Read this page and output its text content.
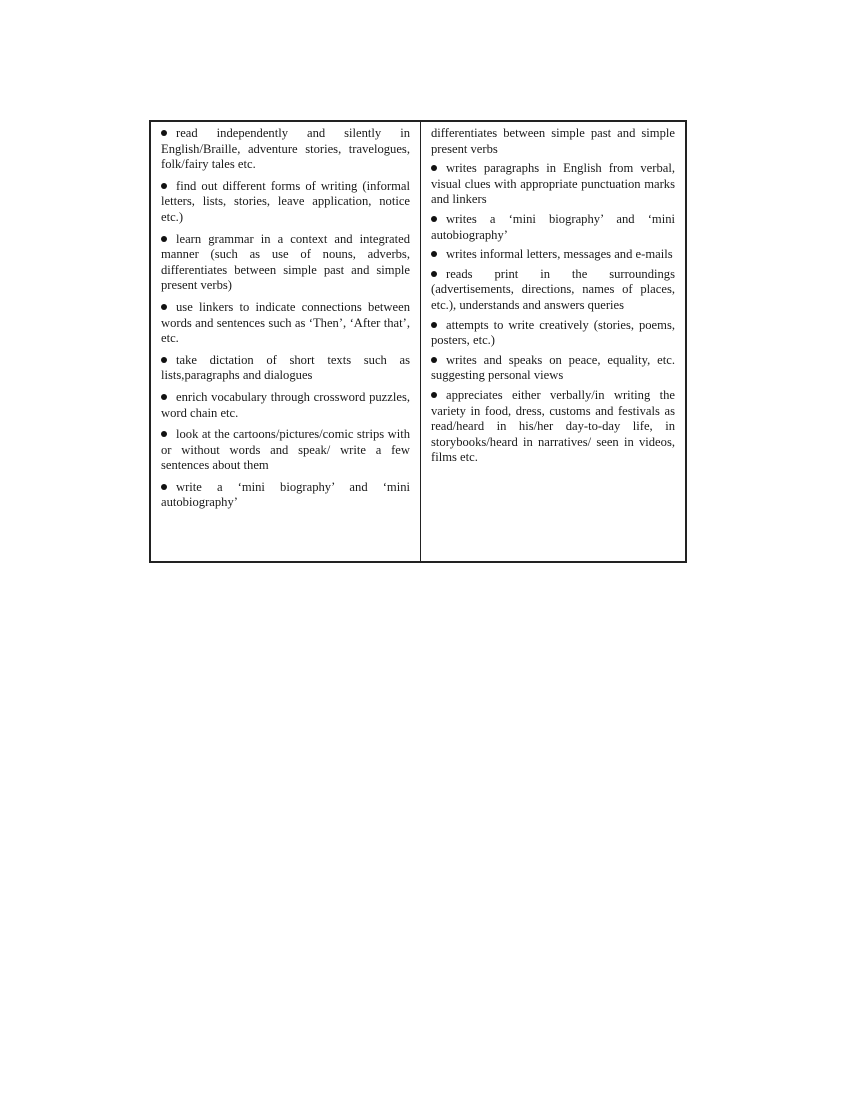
read independently and silently in English/Braille, adventure stories, travelogues, folk/fairy tales etc.

find out different forms of writing (informal letters, lists, stories, leave application, notice etc.)

learn grammar in a context and integrated manner (such as use of nouns, adverbs, differentiates between simple past and simple present verbs)

use linkers to indicate connections between words and sentences such as ‘Then’, ‘After that’, etc.

take dictation of short texts such as lists,paragraphs and dialogues

enrich vocabulary through crossword puzzles, word chain etc.

look at the cartoons/pictures/comic strips with or without words and speak/ write a few sentences about them

write a ‘mini biography’ and ‘mini autobiography’

differentiates between simple past and simple present verbs

writes paragraphs in English from verbal, visual clues with appropriate punctuation marks and linkers

writes a ‘mini biography’ and ‘mini autobiography’

writes informal letters, messages and e-mails

reads print in the surroundings (advertisements, directions, names of places, etc.), understands and answers queries

attempts to write creatively (stories, poems, posters, etc.)

writes and speaks on peace, equality, etc. suggesting personal views

appreciates either verbally/in writing the variety in food, dress, customs and festivals as read/heard in his/her day-to-day life, in storybooks/heard in narratives/ seen in videos, films etc.
